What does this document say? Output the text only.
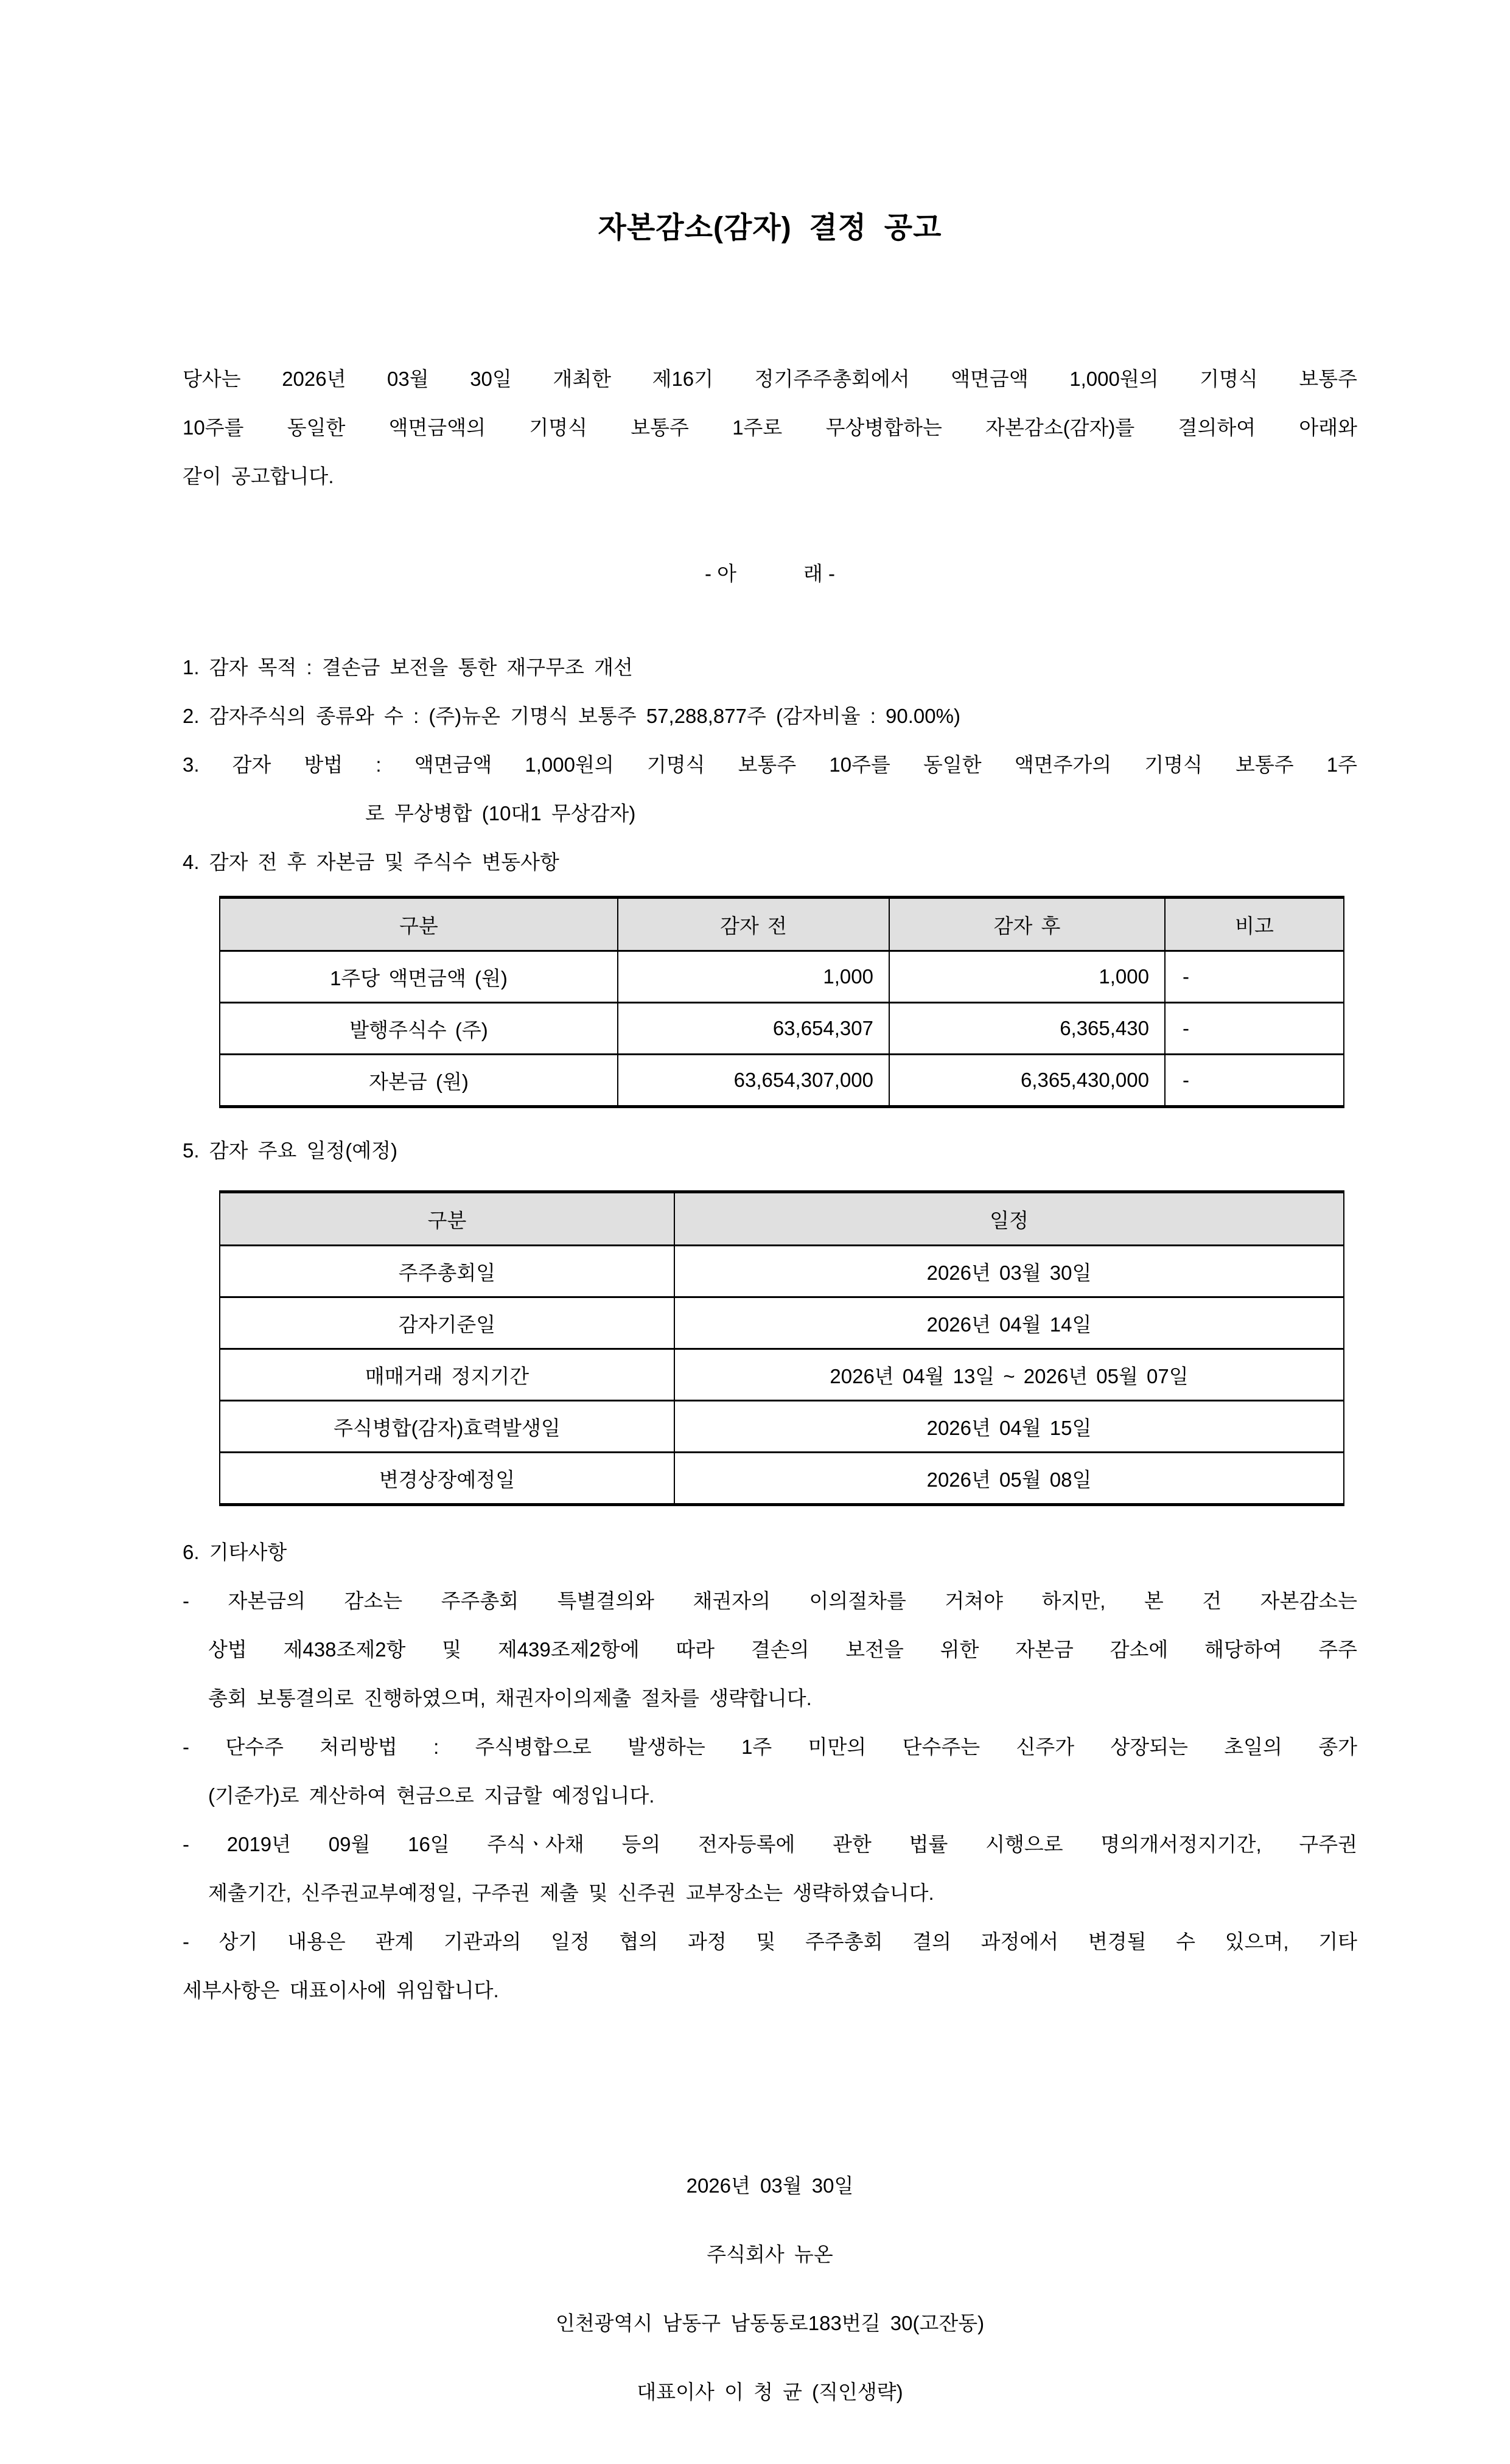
자본감소(감자)  결정  공고
당사는 2026년 03월 30일 개최한 제16기 정기주주총회에서 액면금액 1,000원의 기명식 보통주
10주를 동일한 액면금액의 기명식 보통주 1주로 무상병합하는 자본감소(감자)를 결의하여 아래와
같이 공고합니다.
- 아            래 -
1. 감자 목적 : 결손금 보전을 통한 재구무조 개선
2. 감자주식의 종류와 수 : (주)뉴온 기명식 보통주 57,288,877주 (감자비율 : 90.00%)
3. 감자 방법 : 액면금액 1,000원의 기명식 보통주 10주를 동일한 액면주가의 기명식 보통주 1주
로 무상병합 (10대1 무상감자)
4. 감자 전 후 자본금 및 주식수 변동사항
구분	감자 전	감자 후	비고
1주당 액면금액 (원)	1,000	1,000	-
발행주식수 (주)	63,654,307	6,365,430	-
자본금 (원)	63,654,307,000	6,365,430,000	-
5. 감자 주요 일정(예정)
구분	일정
주주총회일	2026년 03월 30일
감자기준일	2026년 04월 14일
매매거래 정지기간	2026년 04월 13일 ~ 2026년 05월 07일
주식병합(감자)효력발생일	2026년 04월 15일
변경상장예정일	2026년 05월 08일
6. 기타사항
- 자본금의 감소는 주주총회 특별결의와 채권자의 이의절차를 거쳐야 하지만, 본 건 자본감소는
상법 제438조제2항 및 제439조제2항에 따라 결손의 보전을 위한 자본금 감소에 해당하여 주주
총회 보통결의로 진행하였으며, 채권자이의제출 절차를 생략합니다.
- 단수주 처리방법 : 주식병합으로 발생하는 1주 미만의 단수주는 신주가 상장되는 초일의 종가
(기준가)로 계산하여 현금으로 지급할 예정입니다.
- 2019년 09월 16일 주식ㆍ사채 등의 전자등록에 관한 법률 시행으로 명의개서정지기간, 구주권
제출기간, 신주권교부예정일, 구주권 제출 및 신주권 교부장소는 생략하였습니다.
- 상기 내용은 관계 기관과의 일정 협의 과정 및 주주총회 결의 과정에서 변경될 수 있으며, 기타
세부사항은 대표이사에 위임합니다.
2026년 03월 30일
주식회사 뉴온
인천광역시 남동구 남동동로183번길 30(고잔동)
대표이사 이 청 균 (직인생략)
